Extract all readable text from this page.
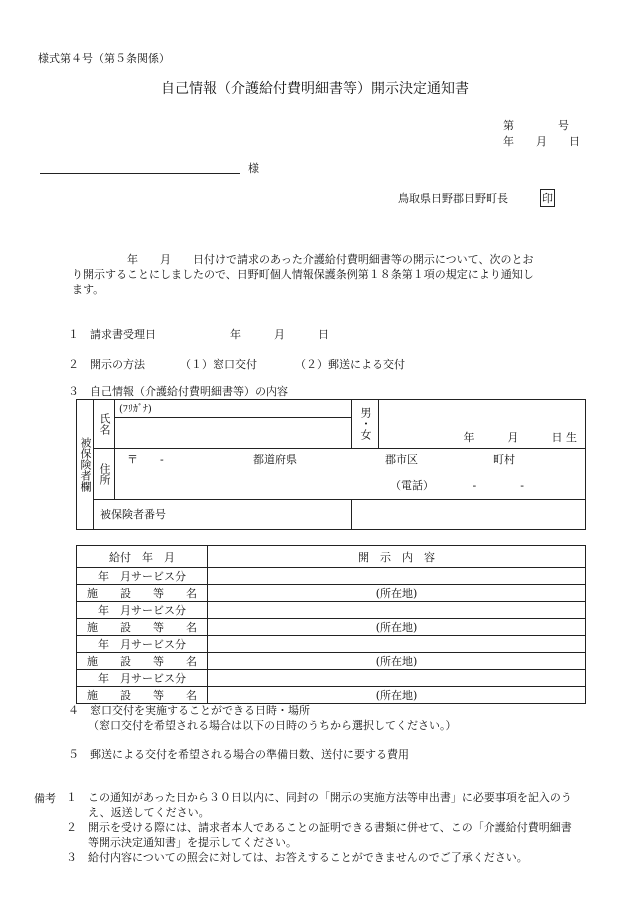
様式第４号（第５条関係）
自己情報（介護給付費明細書等）開示決定通知書
第　　　　号
年　　月　　日
様
鳥取県日野郡日野町長	印
　　　　　年　　月　　日付けで請求のあった介護給付費明細書等の開示について、次のとお
り開示することにしましたので、日野町個人情報保護条例第１８条第１項の規定により通知し
ます。
１　請求書受理日	年　　　月　　　日
２　開示の方法	（１）窓口交付	（２）郵送による交付
３　自己情報（介護給付費明細書等）の内容
被保険者欄	氏名	(ﾌﾘｶﾞﾅ)	男・女	年　　　月　　　日 生

	住所	〒　　- 都道府県 郡市区 町村
（電話）　　　　-　　　　-		

	被保険者番号			
給付　年　月	開　示　内　容
年　月サービス分	
施　　設　　等　　名	(所在地)
年　月サービス分	
施　　設　　等　　名	(所在地)
年　月サービス分	
施　　設　　等　　名	(所在地)
年　月サービス分	
施　　設　　等　　名	(所在地)
４　窓口交付を実施することができる日時・場所
（窓口交付を希望される場合は以下の日時のうちから選択してください。）
５　郵送による交付を希望される場合の準備日数、送付に要する費用
備考 １　この通知があった日から３０日以内に、同封の「開示の実施方法等申出書」に必要事項を記入のう
　　え、返送してください。
２　開示を受ける際には、請求者本人であることの証明できる書類に併せて、この「介護給付費明細書
　　等開示決定通知書」を提示してください。
３　給付内容についての照会に対しては、お答えすることができませんのでご了承ください。
